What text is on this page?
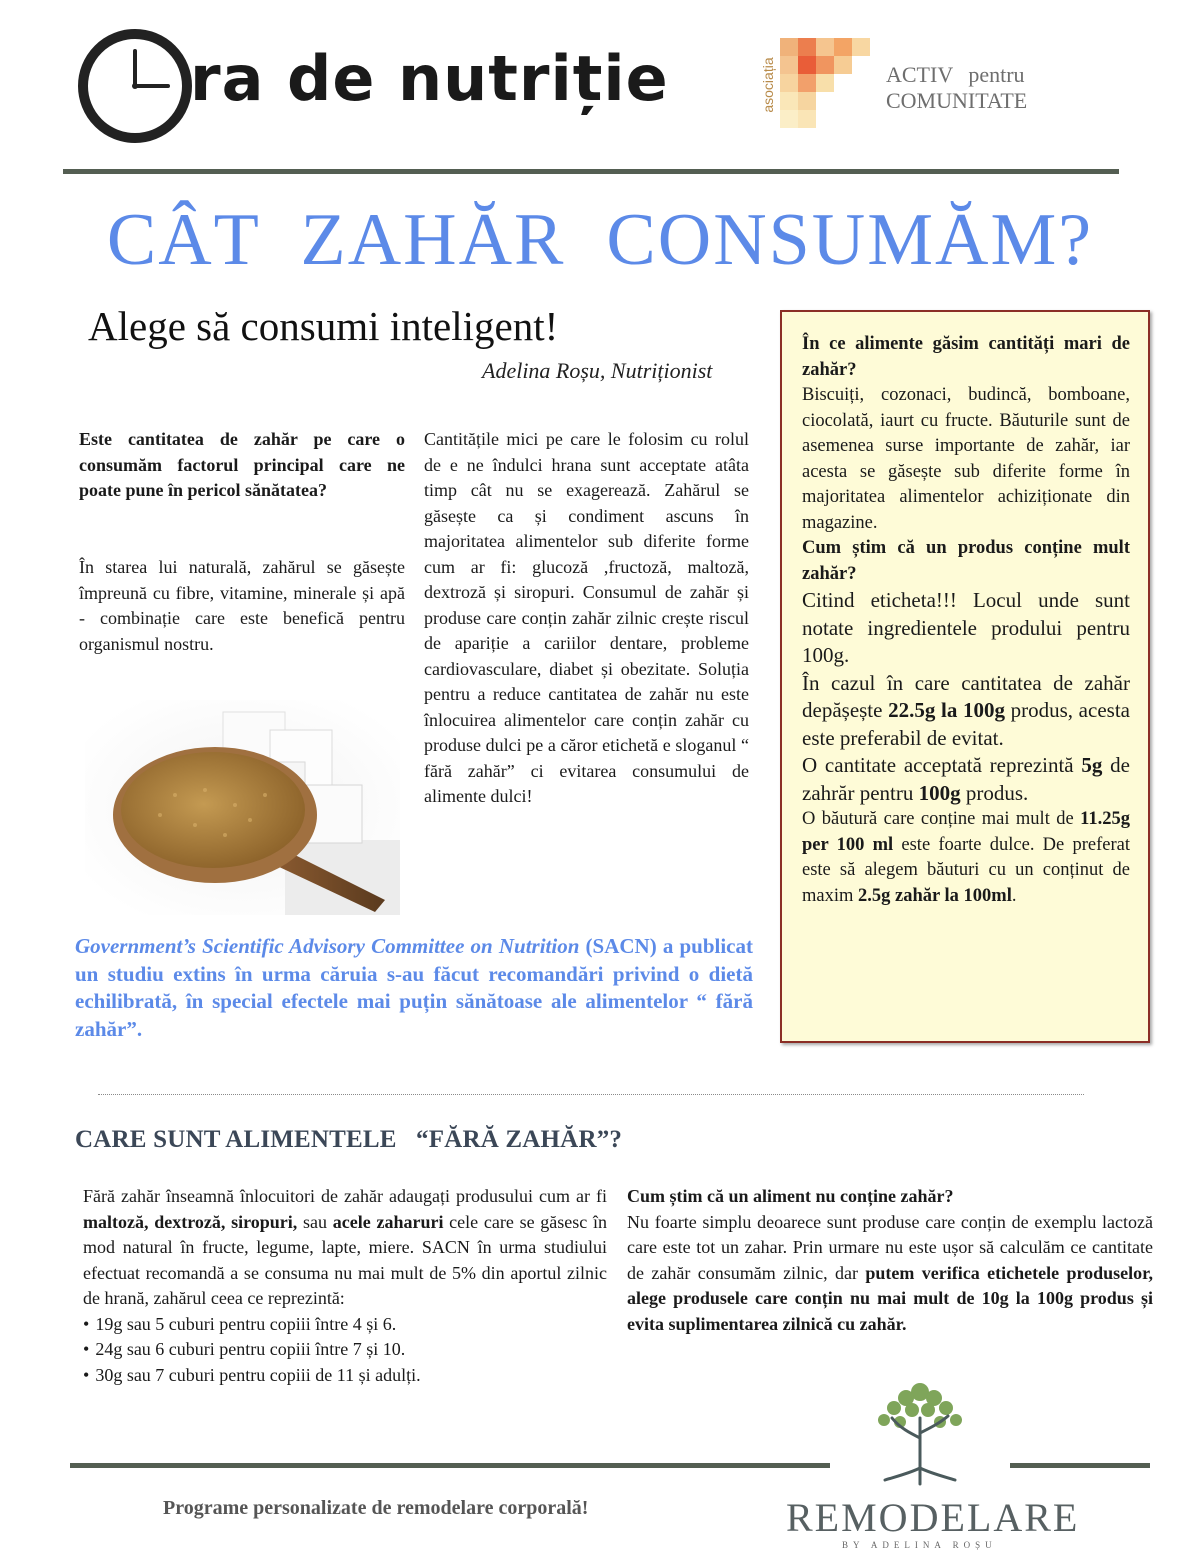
ra de nutriție	asociația	ACTIV pentru
COMUNITATE
CÂT  ZAHĂR  CONSUMĂM?
Alege să consumi inteligent!
Adelina Roșu, Nutriționist
Este cantitatea de zahăr pe care o consumăm factorul principal care ne poate pune în pericol sănătatea?
În starea lui naturală, zahărul se găsește împreună cu fibre, vitamine, minerale și apă - combinație care este benefică pentru organismul nostru.
Cantitățile mici pe care le folosim cu rolul de e ne îndulci hrana sunt acceptate atâta timp cât nu se exagerează. Zahărul se găsește ca și condiment ascuns în majoritatea alimentelor sub diferite forme cum ar fi: glucoză ,fructoză, maltoză, dextroză și siropuri. Consumul de zahăr și produse care conțin zahăr zilnic crește riscul de apariție a cariilor dentare, probleme cardiovasculare, diabet și obezitate. Soluția pentru a reduce cantitatea de zahăr nu este înlocuirea alimentelor care conțin zahăr cu produse dulci pe a căror etichetă e sloganul “ fără zahăr” ci evitarea consumului de alimente dulci!
Government’s Scientific Advisory Committee on Nutrition (SACN) a publicat un studiu extins în urma căruia s-au făcut recomandări privind o dietă echilibrată, în special efectele mai puțin sănătoase ale alimentelor “ fără zahăr”.

În ce alimente găsim cantități mari de zahăr?

Biscuiți, cozonaci, budincă, bomboane, ciocolată, iaurt cu fructe. Băuturile sunt de asemenea surse importante de zahăr, iar acesta se găsește sub diferite forme în majoritatea alimentelor achiziționate din magazine.

Cum știm că un produs conține mult zahăr?

Citind eticheta!!! Locul unde sunt notate ingredientele prodului pentru 100g.

În cazul în care cantitatea de zahăr depășește 22.5g la 100g produs, acesta este preferabil de evitat.

O cantitate acceptată reprezintă 5g de zahrăr pentru 100g produs.

O băutură care conține mai mult de 11.25g per 100 ml este foarte dulce. De preferat este să alegem băuturi cu un conținut de maxim 2.5g zahăr la 100ml.

CARE SUNT ALIMENTELE   “FĂRĂ ZAHĂR”?

Fără zahăr înseamnă înlocuitori de zahăr adaugați produsului cum ar fi maltoză, dextroză, siropuri, sau acele zaharuri cele care se găsesc în mod natural în fructe, legume, lapte, miere. SACN în urma studiului efectuat recomandă a se consuma nu mai mult de 5% din aportul zilnic de hrană, zahărul ceea ce reprezintă:

• 19g sau 5 cuburi pentru copiii între 4 și 6.
• 24g sau 6 cuburi pentru copiii între 7 și 10.
• 30g sau 7 cuburi pentru copiii de 11 și adulți.

Cum știm că un aliment nu conține zahăr?

Nu foarte simplu deoarece sunt produse care conțin de exemplu lactoză care este tot un zahar. Prin urmare nu este ușor să calculăm ce cantitate de zahăr consumăm zilnic, dar putem verifica etichetele produselor, alege produsele care conțin nu mai mult de 10g la 100g produs și evita suplimentarea zilnică cu zahăr.

Programe personalizate de remodelare corporală!	REMODELARE
BY ADELINA ROȘU
